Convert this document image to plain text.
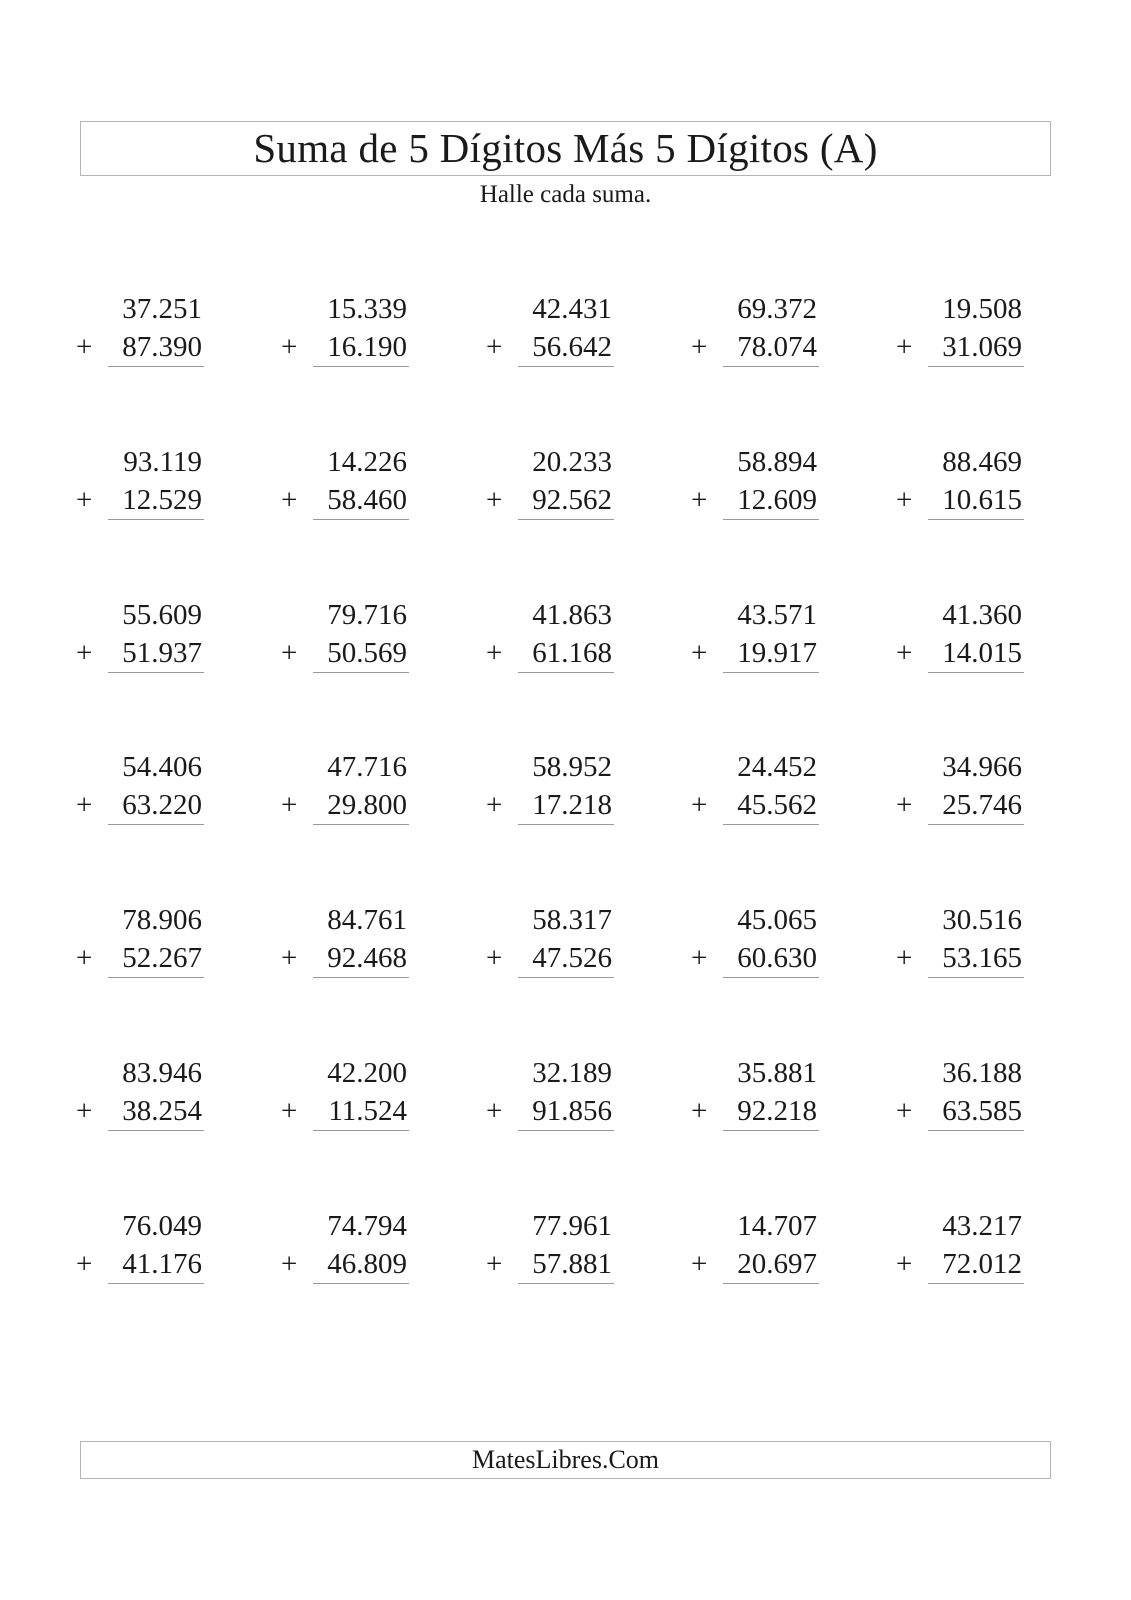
Suma de 5 Dígitos Más 5 Dígitos (A)
Halle cada suma.
37.251
+	87.390
15.339
+	16.190
42.431
+	56.642
69.372
+	78.074
19.508
+	31.069
93.119
+	12.529
14.226
+	58.460
20.233
+	92.562
58.894
+	12.609
88.469
+	10.615
55.609
+	51.937
79.716
+	50.569
41.863
+	61.168
43.571
+	19.917
41.360
+	14.015
54.406
+	63.220
47.716
+	29.800
58.952
+	17.218
24.452
+	45.562
34.966
+	25.746
78.906
+	52.267
84.761
+	92.468
58.317
+	47.526
45.065
+	60.630
30.516
+	53.165
83.946
+	38.254
42.200
+	11.524
32.189
+	91.856
35.881
+	92.218
36.188
+	63.585
76.049
+	41.176
74.794
+	46.809
77.961
+	57.881
14.707
+	20.697
43.217
+	72.012
MatesLibres.Com
